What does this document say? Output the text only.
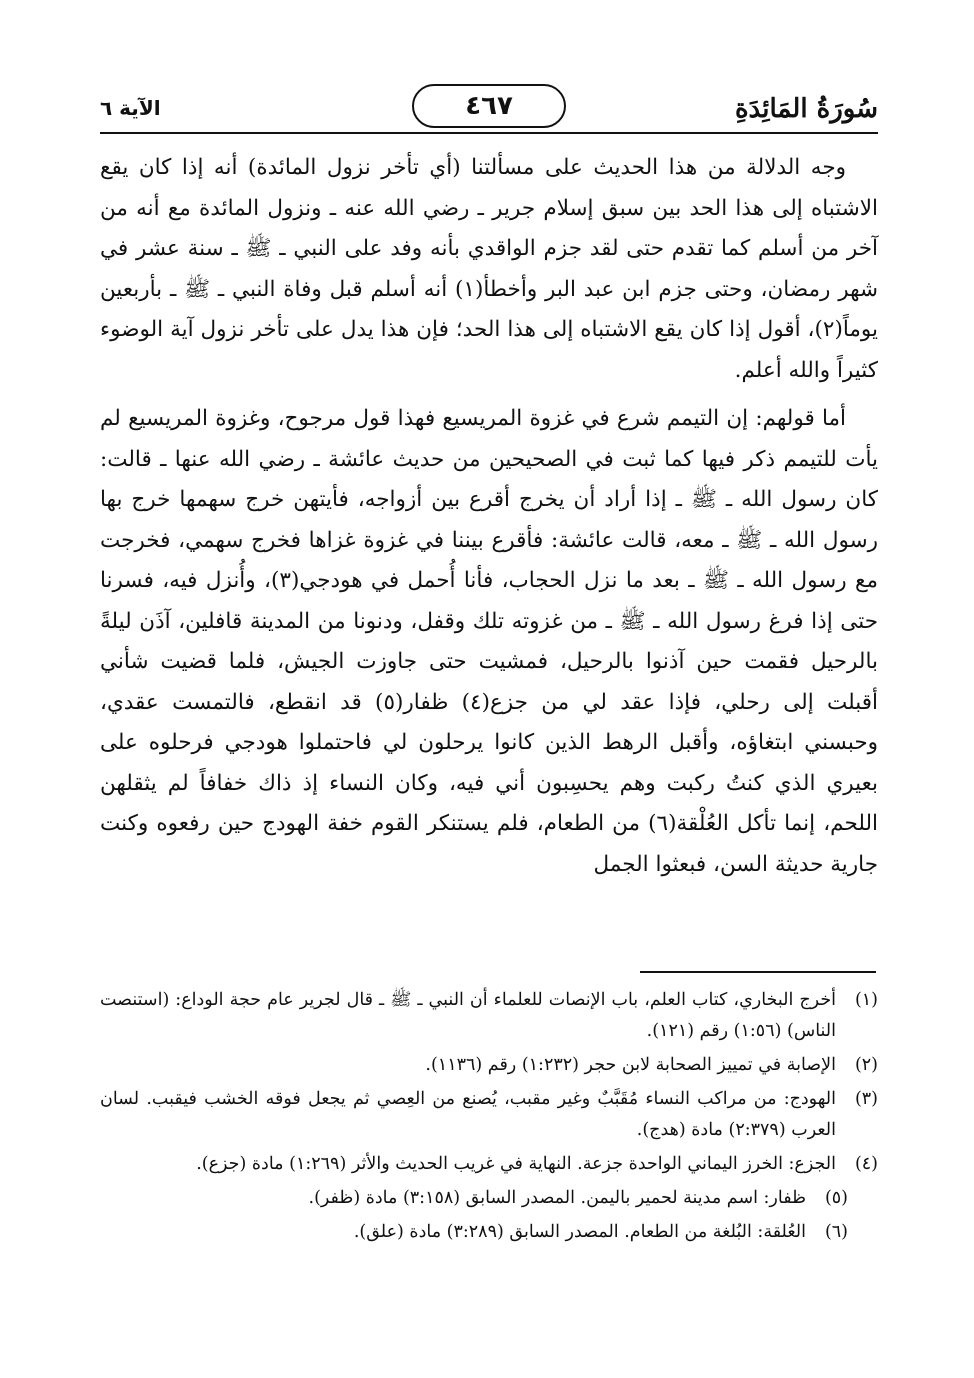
سُورَةُ المَائِدَةِ
٤٦٧
الآية ٦

وجه الدلالة من هذا الحديث على مسألتنا (أي تأخر نزول المائدة) أنه إذا كان يقع الاشتباه إلى هذا الحد بين سبق إسلام جرير ـ رضي الله عنه ـ ونزول المائدة مع أنه من آخر من أسلم كما تقدم حتى لقد جزم الواقدي بأنه وفد على النبي ـ ﷺ ـ سنة عشر في شهر رمضان، وحتى جزم ابن عبد البر وأخطأ(١) أنه أسلم قبل وفاة النبي ـ ﷺ ـ بأربعين يوماً(٢)، أقول إذا كان يقع الاشتباه إلى هذا الحد؛ فإن هذا يدل على تأخر نزول آية الوضوء كثيراً والله أعلم.

أما قولهم: إن التيمم شرع في غزوة المريسيع فهذا قول مرجوح، وغزوة المريسيع لم يأت للتيمم ذكر فيها كما ثبت في الصحيحين من حديث عائشة ـ رضي الله عنها ـ قالت: كان رسول الله ـ ﷺ ـ إذا أراد أن يخرج أقرع بين أزواجه، فأيتهن خرج سهمها خرج بها رسول الله ـ ﷺ ـ معه، قالت عائشة: فأقرع بيننا في غزوة غزاها فخرج سهمي، فخرجت مع رسول الله ـ ﷺ ـ بعد ما نزل الحجاب، فأنا أُحمل في هودجي(٣)، وأُنزل فيه، فسرنا حتى إذا فرغ رسول الله ـ ﷺ ـ من غزوته تلك وقفل، ودنونا من المدينة قافلين، آذَن ليلةً بالرحيل فقمت حين آذنوا بالرحيل، فمشيت حتى جاوزت الجيش، فلما قضيت شأني أقبلت إلى رحلي، فإذا عقد لي من جزع(٤) ظفار(٥) قد انقطع، فالتمست عقدي، وحبسني ابتغاؤه، وأقبل الرهط الذين كانوا يرحلون لي فاحتملوا هودجي فرحلوه على بعيري الذي كنتُ ركبت وهم يحسِبون أني فيه، وكان النساء إذ ذاك خفافاً لم يثقلهن اللحم، إنما تأكل العُلْقة(٦) من الطعام، فلم يستنكر القوم خفة الهودج حين رفعوه وكنت جارية حديثة السن، فبعثوا الجمل

(١)
أخرج البخاري، كتاب العلم، باب الإنصات للعلماء أن النبي ـ ﷺ ـ قال لجرير عام حجة الوداع: (استنصت الناس) (١:٥٦) رقم (١٢١).
(٢)
الإصابة في تمييز الصحابة لابن حجر (١:٢٣٢) رقم (١١٣٦).
(٣)
الهودج: من مراكب النساء مُقَبَّبٌ وغير مقبب، يُصنع من العِصي ثم يجعل فوقه الخشب فيقبب. لسان العرب (٢:٣٧٩) مادة (هدج).
(٤)
الجزع: الخرز اليماني الواحدة جزعة. النهاية في غريب الحديث والأثر (١:٢٦٩) مادة (جزع).
(٥)
ظفار: اسم مدينة لحمير باليمن. المصدر السابق (٣:١٥٨) مادة (ظفر).
(٦)
العُلقة: البُلغة من الطعام. المصدر السابق (٣:٢٨٩) مادة (علق).
